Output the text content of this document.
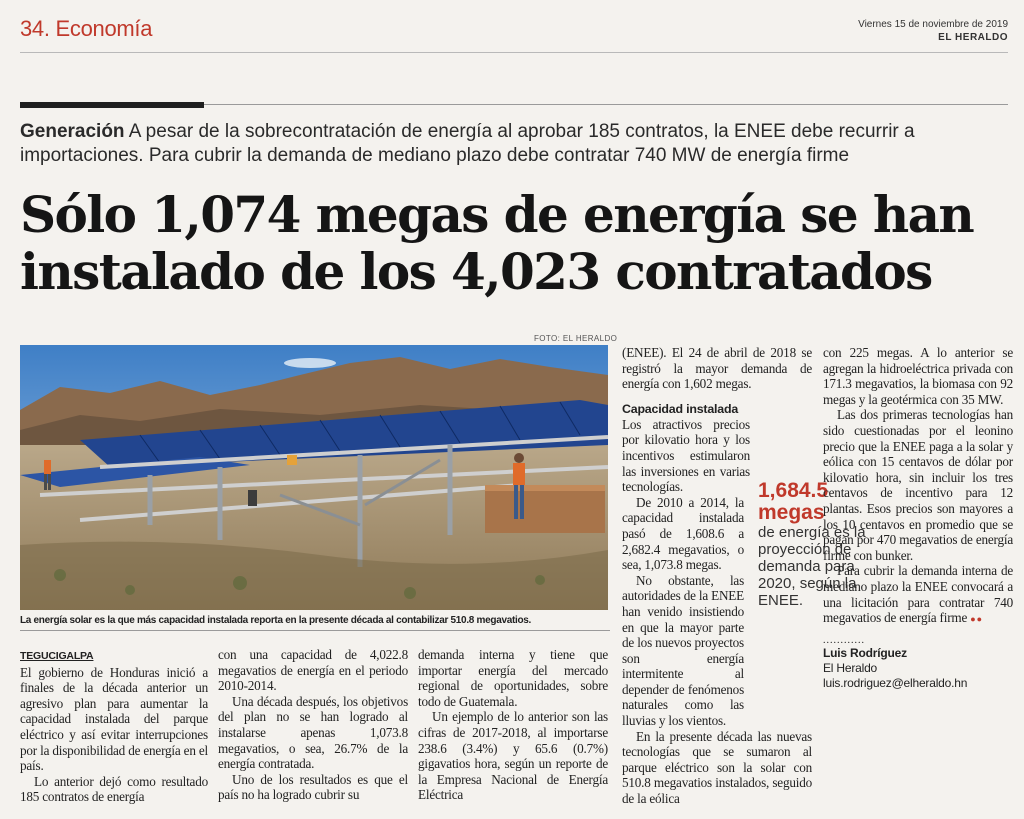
34. Economía	Viernes 15 de noviembre de 2019
EL HERALDO
Generación A pesar de la sobrecontratación de energía al aprobar 185 contratos, la ENEE debe recurrir a importaciones. Para cubrir la demanda de mediano plazo debe contratar 740 MW de energía firme
Sólo 1,074 megas de energía se han instalado de los 4,023 contratados
FOTO: EL HERALDO
La energía solar es la que más capacidad instalada reporta en la presente década al contabilizar 510.8 megavatios.

TEGUCIGALPA

El gobierno de Honduras inició a finales de la década anterior un agresivo plan para aumentar la capacidad instalada del parque eléctrico y así evitar interrupciones por la disponibilidad de energía en el país.

Lo anterior dejó como resultado 185 contratos de energía

con una capacidad de 4,022.8 megavatios de energía en el periodo 2010-2014.

Una década después, los objetivos del plan no se han logrado al instalarse apenas 1,073.8 megavatios, o sea, 26.7% de la energía contratada.

Uno de los resultados es que el país no ha logrado cubrir su

demanda interna y tiene que importar energía del mercado regional de oportunidades, sobre todo de Guatemala.

Un ejemplo de lo anterior son las cifras de 2017-2018, al importarse 238.6 (3.4%) y 65.6 (0.7%) gigavatios hora, según un reporte de la Empresa Nacional de Energía Eléctrica

(ENEE). El 24 de abril de 2018 se registró la mayor demanda de energía con 1,602 megas.

Capacidad instalada

Los atractivos precios por kilovatio hora y los incentivos estimularon las inversiones en varias tecnologías.

De 2010 a 2014, la capacidad instalada pasó de 1,608.6 a 2,682.4 megavatios, o sea, 1,073.8 megas.

No obstante, las autoridades de la ENEE han venido insistiendo en que la mayor parte de los nuevos proyectos son energía intermitente al depender de fenómenos naturales como las lluvias y los vientos.

En la presente década las nuevas tecnologías que se sumaron al parque eléctrico son la solar con 510.8 megavatios instalados, seguido de la eólica

1,684.5 megas
de energía es la proyección de demanda para 2020, según la ENEE.

con 225 megas. A lo anterior se agregan la hidroeléctrica privada con 171.3 megavatios, la biomasa con 92 megas y la geotérmica con 35 MW.

Las dos primeras tecnologías han sido cuestionadas por el leonino precio que la ENEE paga a la solar y eólica con 15 centavos de dólar por kilovatio hora, sin incluir los tres centavos de incentivo para 12 plantas. Esos precios son mayores a los 10 centavos en promedio que se pagan por 470 megavatios de energía firme con bunker.

Para cubrir la demanda interna de mediano plazo la ENEE convocará a una licitación para contratar 740 megavatios de energía firme ●●

............
Luis Rodríguez
El Heraldo
luis.rodriguez@elheraldo.hn
